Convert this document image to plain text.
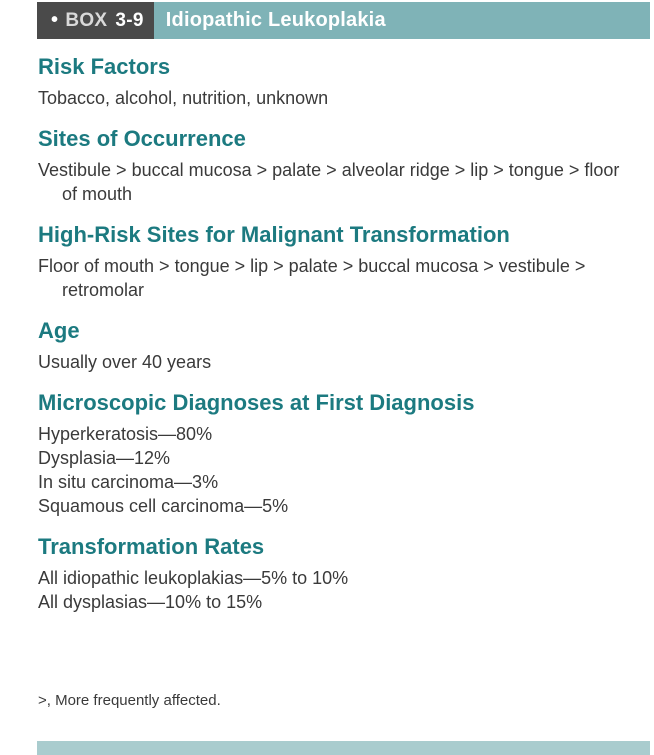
• BOX 3-9	Idiopathic Leukoplakia
Risk Factors
Tobacco, alcohol, nutrition, unknown
Sites of Occurrence
Vestibule > buccal mucosa > palate > alveolar ridge > lip > tongue > floor of mouth
High-Risk Sites for Malignant Transformation
Floor of mouth > tongue > lip > palate > buccal mucosa > vestibule > retromolar
Age
Usually over 40 years
Microscopic Diagnoses at First Diagnosis
Hyperkeratosis—80%
Dysplasia—12%
In situ carcinoma—3%
Squamous cell carcinoma—5%
Transformation Rates
All idiopathic leukoplakias—5% to 10%
All dysplasias—10% to 15%
>, More frequently affected.
